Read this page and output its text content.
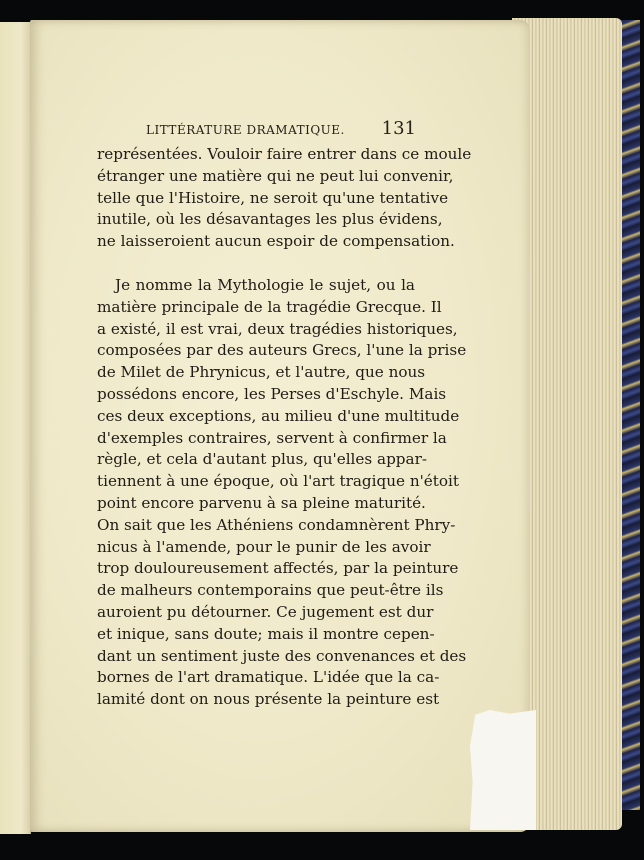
LITTÉRATURE DRAMATIQUE. 131
représentées. Vouloir faire entrer dans ce moule
étranger une matière qui ne peut lui convenir,
telle que l'Histoire, ne seroit qu'une tentative
inutile, où les désavantages les plus évidens,
ne laisseroient aucun espoir de compensation.
Je nomme la Mythologie le sujet, ou la
matière principale de la tragédie Grecque. Il
a existé, il est vrai, deux tragédies historiques,
composées par des auteurs Grecs, l'une la prise
de Milet de Phrynicus, et l'autre, que nous
possédons encore, les Perses d'Eschyle. Mais
ces deux exceptions, au milieu d'une multitude
d'exemples contraires, servent à confirmer la
règle, et cela d'autant plus, qu'elles appar-
tiennent à une époque, où l'art tragique n'étoit
point encore parvenu à sa pleine maturité.
On sait que les Athéniens condamnèrent Phry-
nicus à l'amende, pour le punir de les avoir
trop douloureusement affectés, par la peinture
de malheurs contemporains que peut-être ils
auroient pu détourner. Ce jugement est dur
et inique, sans doute; mais il montre cepen-
dant un sentiment juste des convenances et des
bornes de l'art dramatique. L'idée que la ca-
lamité dont on nous présente la peinture est
